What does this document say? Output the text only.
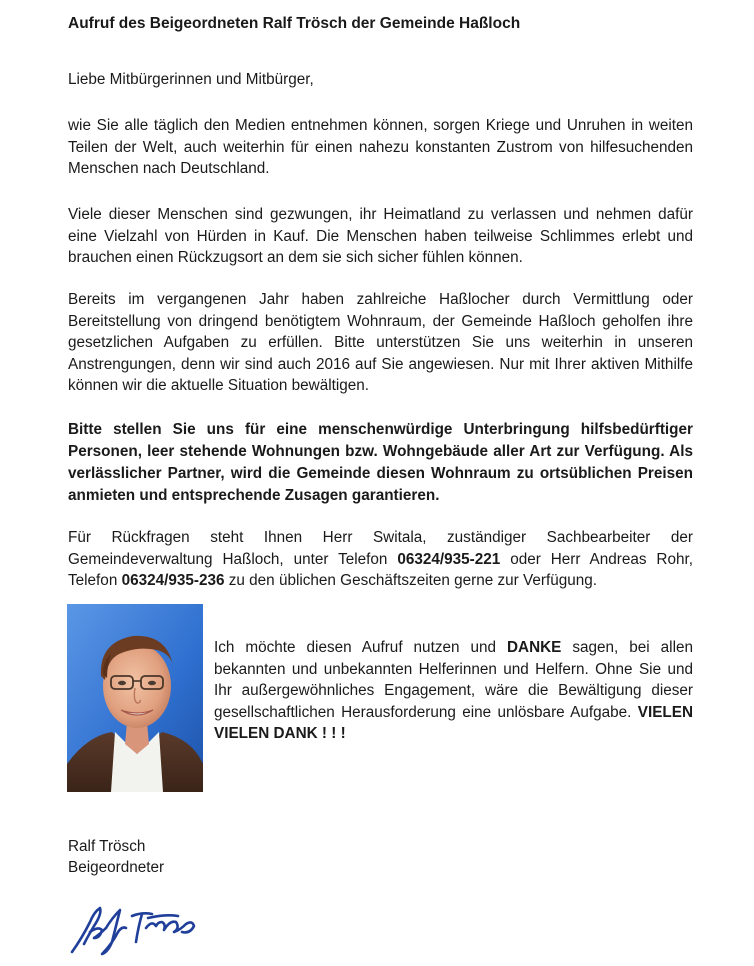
Aufruf des Beigeordneten Ralf Trösch der Gemeinde Haßloch

Liebe Mitbürgerinnen und Mitbürger,

wie Sie alle täglich den Medien entnehmen können, sorgen Kriege und Unruhen in weiten Teilen der Welt, auch weiterhin für einen nahezu konstanten Zustrom von hilfesuchenden Menschen nach Deutschland.

Viele dieser Menschen sind gezwungen, ihr Heimatland zu verlassen und nehmen dafür eine Vielzahl von Hürden in Kauf. Die Menschen haben teilweise Schlimmes erlebt und brauchen einen Rückzugsort an dem sie sich sicher fühlen können.

Bereits im vergangenen Jahr haben zahlreiche Haßlocher durch Vermittlung oder Bereitstellung von dringend benötigtem Wohnraum, der Gemeinde Haßloch geholfen ihre gesetzlichen Aufgaben zu erfüllen. Bitte unterstützen Sie uns weiterhin in unseren Anstrengungen, denn wir sind auch 2016 auf Sie angewiesen. Nur mit Ihrer aktiven Mithilfe können wir die aktuelle Situation bewältigen.

Bitte stellen Sie uns für eine menschenwürdige Unterbringung hilfsbedürftiger Personen, leer stehende Wohnungen bzw. Wohngebäude aller Art zur Verfügung. Als verlässlicher Partner, wird die Gemeinde diesen Wohnraum zu ortsüblichen Preisen anmieten und entsprechende Zusagen garantieren.

Für Rückfragen steht Ihnen Herr Switala, zuständiger Sachbearbeiter der Gemeindeverwaltung Haßloch, unter Telefon 06324/935-221 oder Herr Andreas Rohr, Telefon 06324/935-236 zu den üblichen Geschäftszeiten gerne zur Verfügung.

Ich möchte diesen Aufruf nutzen und DANKE sagen, bei allen bekannten und unbekannten Helferinnen und Helfern. Ohne Sie und Ihr außergewöhnliches Engagement, wäre die Bewältigung dieser gesellschaftlichen Herausforderung eine unlösbare Aufgabe. VIELEN VIELEN DANK ! ! !

Ralf Trösch

Beigeordneter
